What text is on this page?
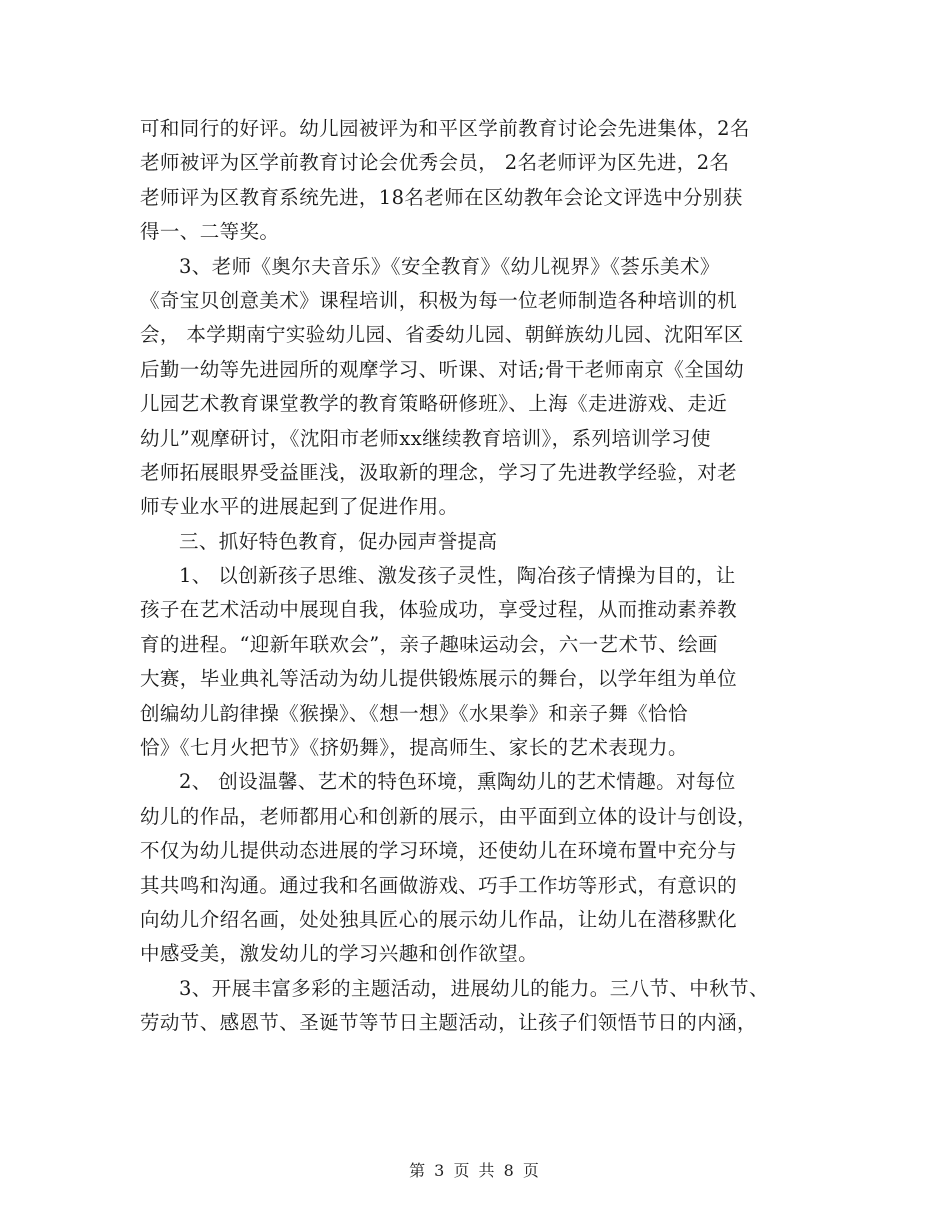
可和同行的好评。幼儿园被评为和平区学前教育讨论会先进集体，2名
老师被评为区学前教育讨论会优秀会员， 2名老师评为区先进，2名
老师评为区教育系统先进，18名老师在区幼教年会论文评选中分别获
得一、二等奖。
3、老师《奥尔夫音乐》《安全教育》《幼儿视界》《荟乐美术》
《奇宝贝创意美术》课程培训，积极为每一位老师制造各种培训的机
会， 本学期南宁实验幼儿园、省委幼儿园、朝鲜族幼儿园、沈阳军区
后勤一幼等先进园所的观摩学习、听课、对话;骨干老师南京《全国幼
儿园艺术教育课堂教学的教育策略研修班》、上海《走进游戏、走近
幼儿”观摩研讨，《沈阳市老师xx继续教育培训》，系列培训学习使
老师拓展眼界受益匪浅，汲取新的理念，学习了先进教学经验，对老
师专业水平的进展起到了促进作用。
三、抓好特色教育，促办园声誉提高
1、 以创新孩子思维、激发孩子灵性，陶冶孩子情操为目的，让
孩子在艺术活动中展现自我，体验成功，享受过程，从而推动素养教
育的进程。“迎新年联欢会”，亲子趣味运动会，六一艺术节、绘画
大赛，毕业典礼等活动为幼儿提供锻炼展示的舞台，以学年组为单位
创编幼儿韵律操《猴操》、《想一想》《水果拳》和亲子舞《恰恰
恰》《七月火把节》《挤奶舞》，提高师生、家长的艺术表现力。
2、 创设温馨、艺术的特色环境，熏陶幼儿的艺术情趣。对每位
幼儿的作品，老师都用心和创新的展示，由平面到立体的设计与创设，
不仅为幼儿提供动态进展的学习环境，还使幼儿在环境布置中充分与
其共鸣和沟通。通过我和名画做游戏、巧手工作坊等形式，有意识的
向幼儿介绍名画，处处独具匠心的展示幼儿作品，让幼儿在潜移默化
中感受美，激发幼儿的学习兴趣和创作欲望。
3、开展丰富多彩的主题活动，进展幼儿的能力。三八节、中秋节、
劳动节、感恩节、圣诞节等节日主题活动，让孩子们领悟节日的内涵，
第 3 页 共 8 页
